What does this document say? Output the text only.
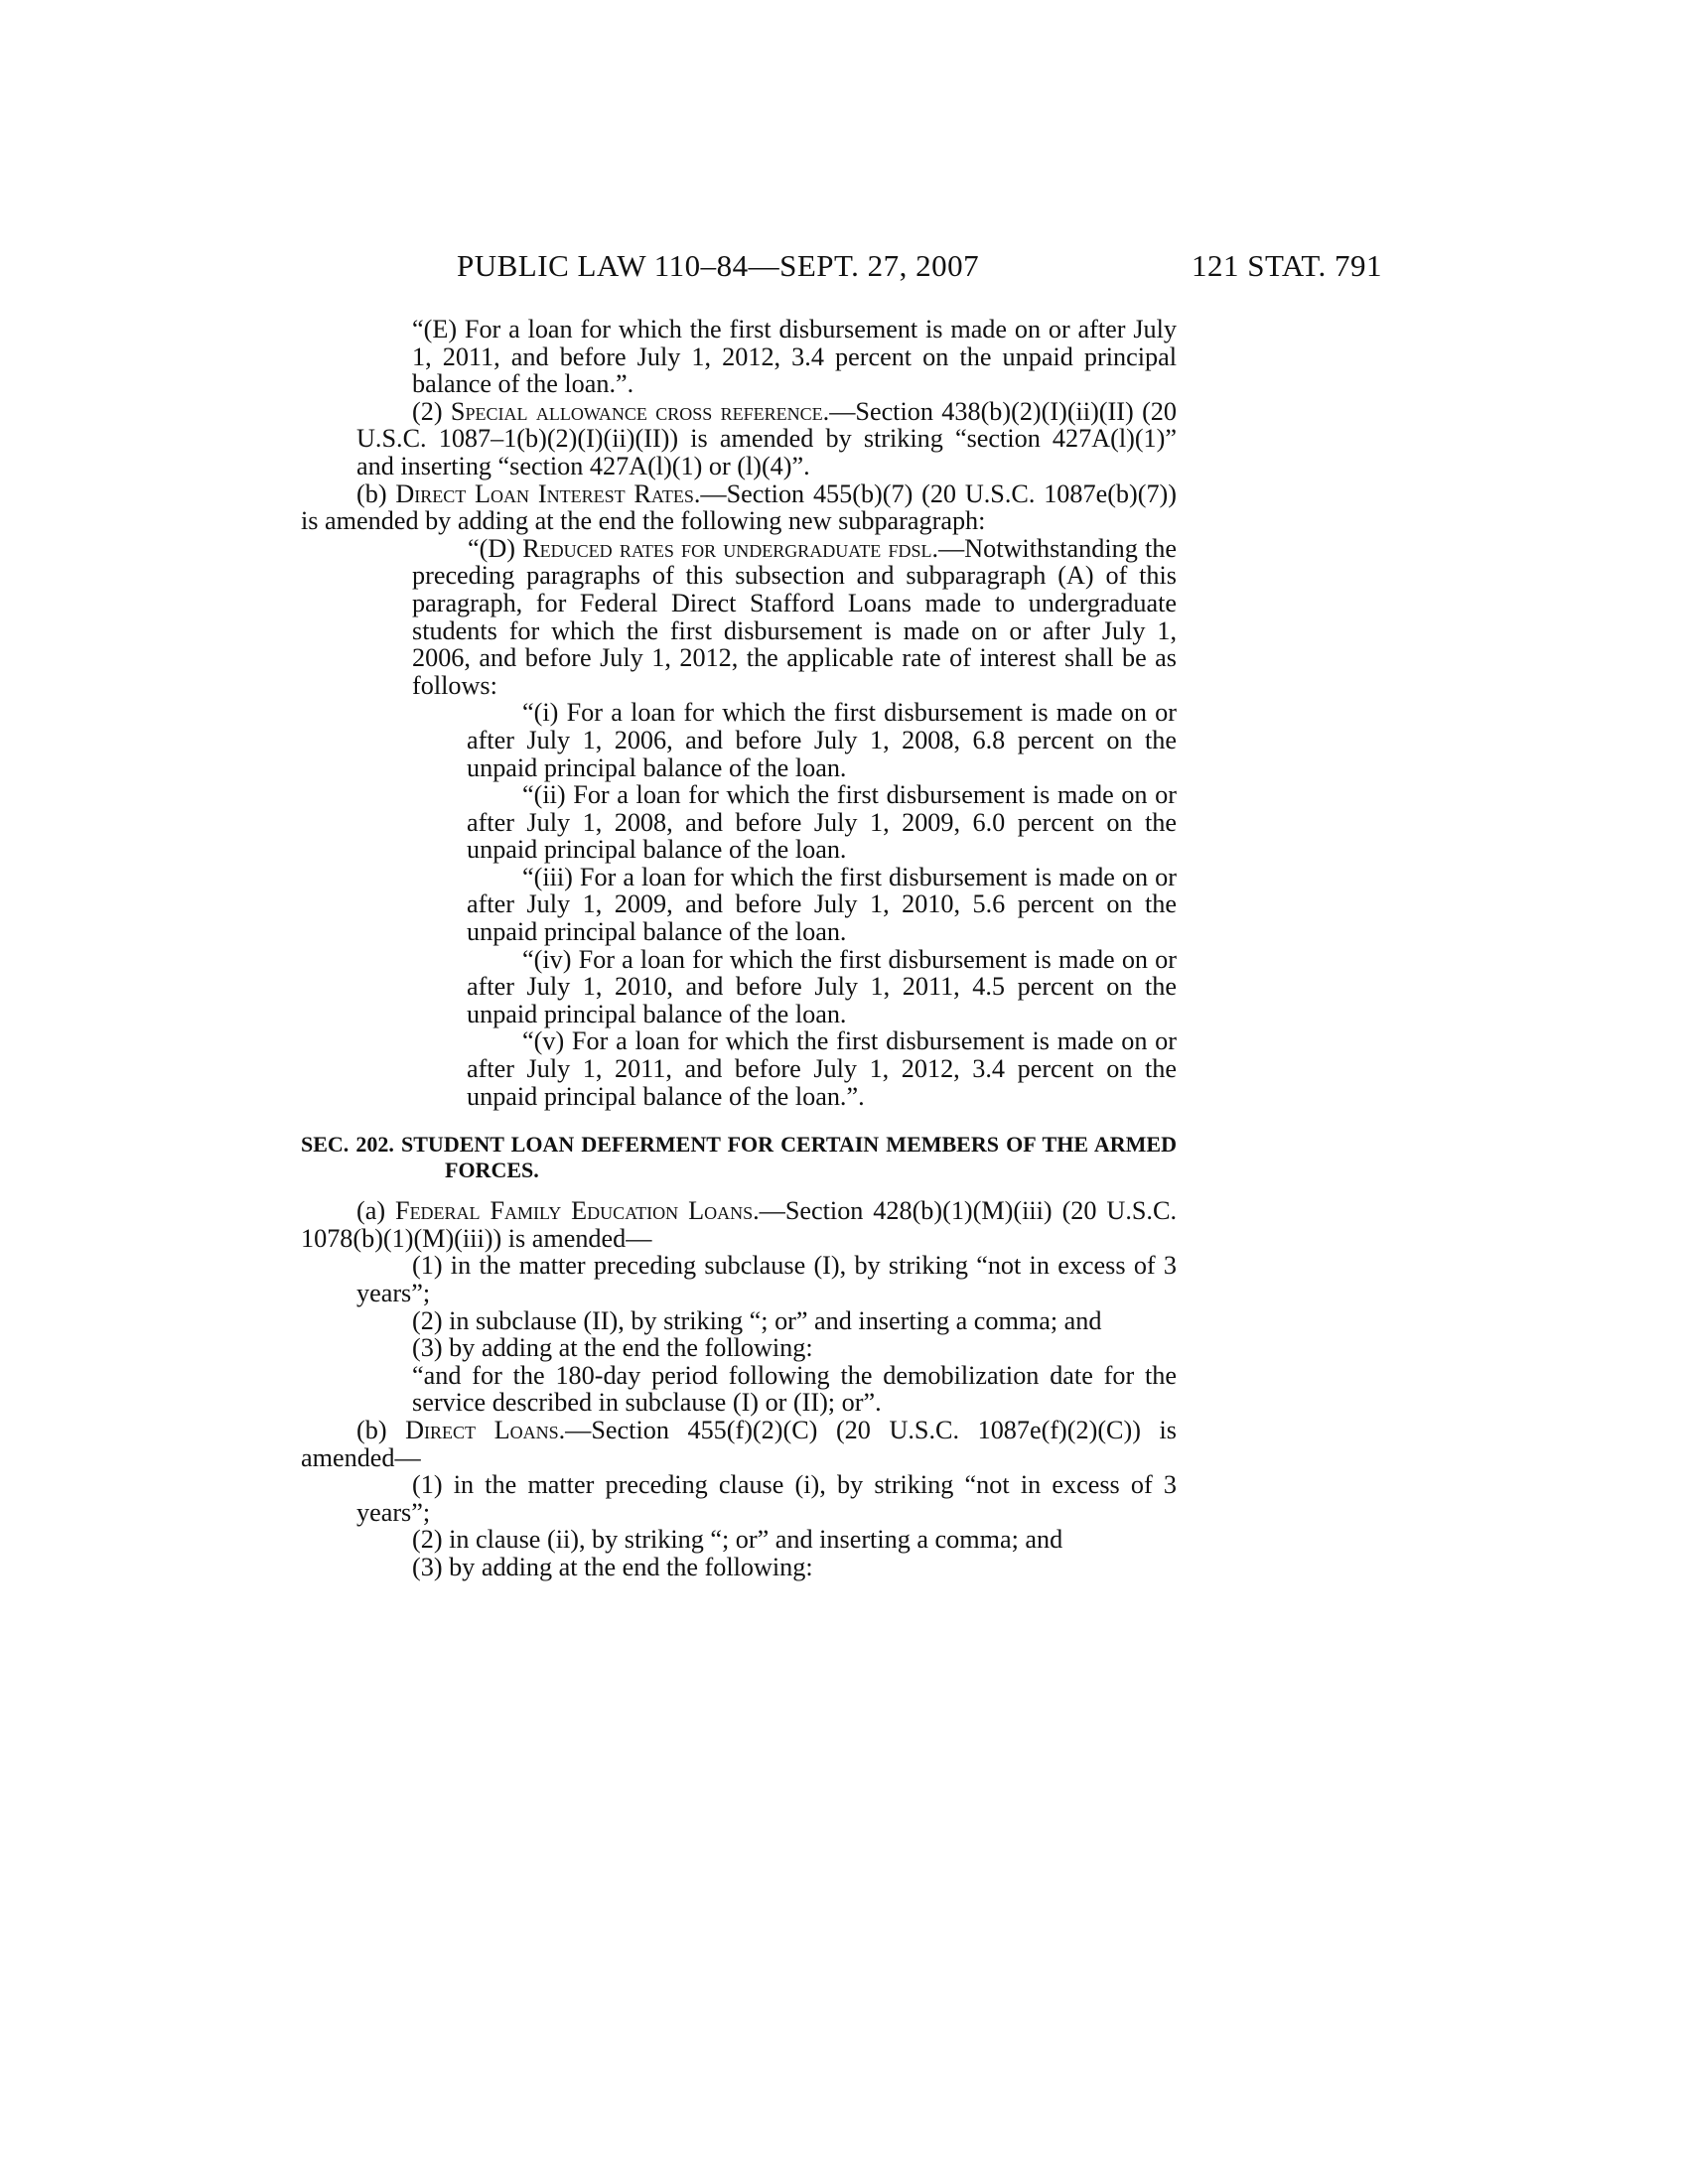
PUBLIC LAW 110–84—SEPT. 27, 2007	121 STAT. 791

“(E) For a loan for which the first disbursement is made on or after July 1, 2011, and before July 1, 2012, 3.4 percent on the unpaid principal balance of the loan.”.

(2) Special allowance cross reference.—Section 438(b)(2)(I)(ii)(II) (20 U.S.C. 1087–1(b)(2)(I)(ii)(II)) is amended by striking “section 427A(l)(1)” and inserting “section 427A(l)(1) or (l)(4)”.

(b) Direct Loan Interest Rates.—Section 455(b)(7) (20 U.S.C. 1087e(b)(7)) is amended by adding at the end the following new subparagraph:

“(D) Reduced rates for undergraduate fdsl.—Notwithstanding the preceding paragraphs of this subsection and subparagraph (A) of this paragraph, for Federal Direct Stafford Loans made to undergraduate students for which the first disbursement is made on or after July 1, 2006, and before July 1, 2012, the applicable rate of interest shall be as follows:

“(i) For a loan for which the first disbursement is made on or after July 1, 2006, and before July 1, 2008, 6.8 percent on the unpaid principal balance of the loan.

“(ii) For a loan for which the first disbursement is made on or after July 1, 2008, and before July 1, 2009, 6.0 percent on the unpaid principal balance of the loan.

“(iii) For a loan for which the first disbursement is made on or after July 1, 2009, and before July 1, 2010, 5.6 percent on the unpaid principal balance of the loan.

“(iv) For a loan for which the first disbursement is made on or after July 1, 2010, and before July 1, 2011, 4.5 percent on the unpaid principal balance of the loan.

“(v) For a loan for which the first disbursement is made on or after July 1, 2011, and before July 1, 2012, 3.4 percent on the unpaid principal balance of the loan.”.

SEC. 202. STUDENT LOAN DEFERMENT FOR CERTAIN MEMBERS OF THE ARMED FORCES.

(a) Federal Family Education Loans.—Section 428(b)(1)(M)(iii) (20 U.S.C. 1078(b)(1)(M)(iii)) is amended—

(1) in the matter preceding subclause (I), by striking “not in excess of 3 years”;

(2) in subclause (II), by striking “; or” and inserting a comma; and

(3) by adding at the end the following:

“and for the 180-day period following the demobilization date for the service described in subclause (I) or (II); or”.

(b) Direct Loans.—Section 455(f)(2)(C) (20 U.S.C. 1087e(f)(2)(C)) is amended—

(1) in the matter preceding clause (i), by striking “not in excess of 3 years”;

(2) in clause (ii), by striking “; or” and inserting a comma; and

(3) by adding at the end the following:
